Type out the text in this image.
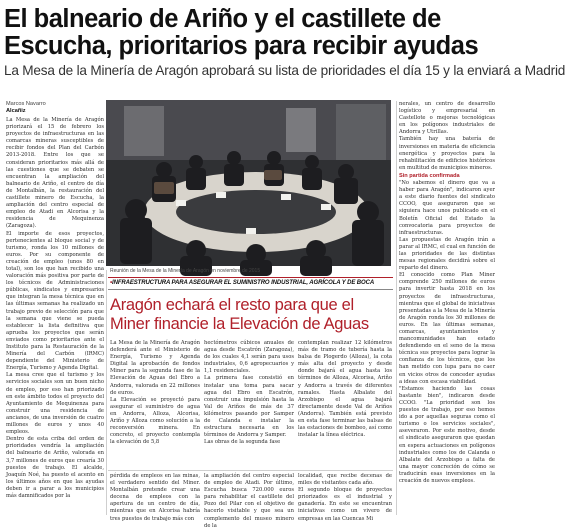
El balneario de Ariño y el castillete de
Escucha, prioritarios para recibir ayudas
La Mesa de la Minería de Aragón aprobará su lista de prioridades el día 15 y la enviará a Madrid
Marcos Navarro
Alcañiz

La Mesa de la Minería de Aragón priorizará el 15 de febrero los proyectos de infraestructuras en las comarcas mineras susceptibles de recibir fondos del Plan del Carbón 2013-2018. Entre los que se consideran prioritarios más allá de las cuestiones que se debaten se encuentran la ampliación del balneario de Ariño, el centro de día de Montalbán, la restauración del castillete minero de Escucha, la ampliación del centro especial de empleo de Atadi en Alcorisa y la residencia de Mequinenza (Zaragoza).

El importe de esos proyectos, pertenecientes al bloque social y de turismo, ronda los 10 millones de euros. Por su componente de creación de empleo (unos 80 en total), son los que han recibido una valoración más positiva por parte de los técnicos de Administraciones públicas, sindicatos y empresarios que integran la mesa técnica que en las últimas semanas ha realizado un trabajo previo de selección para que la semana que viene se pueda establecer la lista definitiva que aprueba los proyectos que serán enviados como prioritarios ante el Instituto para la Restauración de la Minería del Carbón (IRMC) dependiente del Ministerio de Energía, Turismo y Agenda Digital.

La mesa cree que el turismo y los servicios sociales son un buen nicho de empleo, por eso han priorizado en este ámbito todos el proyecto del Ayuntamiento de Mequinenza para construir una residencia de ancianos, de una inversión de cuatro millones de euros y unos 40 empleos.

Dentro de esta criba del orden de prioridades vendría la ampliación del balneario de Ariño, valorada en 3,7 millones de euros que crearía 30 puestos de trabajo. El alcalde, Joaquín Noé, ha puesto el acento en los últimos años en que las ayudas deben ir a parar a los municipios más damnificados por la

Reunión de la Mesa de la Minería de Aragón en noviembre de 2015

nerales, un centro de desarrollo logístico y empresarial en Castellote o mejoras tecnológicas en los polígonos industriales de Andorra y Utrillas.

También hay una batería de inversiones en materia de eficiencia energética y proyectos para la rehabilitación de edificios históricos en multitud de municipios mineros.

Sin partida confirmada

"No sabemos el dinero que va a haber para Aragón", indicaron ayer a este diario fuentes del sindicato CCOO, que aseguraron que se siguiera hace unos publicado en el Boletín Oficial del Estado la convocatoria para proyectos de infraestructuras.

Las propuestas de Aragón irán a parar al IRMC, el cual en función de las prioridades de las distintas mesas regionales decidirá sobre el reparto del dinero.

El conocido como Plan Miner comprende 250 millones de euros para invertir hasta 2018 en los proyectos de infraestructuras, mientras que el global de iniciativas presentadas a la Mesa de la Minería de Aragón ronda los 30 millones de euros. En las últimas semanas, comarcas, ayuntamientos y mancomunidades han estado defendiendo en el seno de la mesa técnica sus proyectos para lograr la confianza de los técnicos, que los han metido con lupa para no caer en vicios otros de conceder ayudas a ideas con escasa viabilidad.

"Estamos haciendo las cosas bastante bien", indicaron desde CCOO. "La prioridad son los puestos de trabajo, por eso hemos ido a por aquellas seguras como el turismo o los servicios sociales", aseveraron. Por este motivo, desde el sindicato aseguraron que quedan en espera actuaciones en polígonos industriales como los de Calanda o Albalate del Arzobispo a falta de una mayor concreción de cómo se traducirán esas inversiones en la creación de nuevos empleos.

•INFRAESTRUCTURA PARA ASEGURAR EL SUMINISTRO INDUSTRIAL, AGRÍCOLA Y DE BOCA
Aragón echará el resto para que el Miner financie la Elevación de Aguas

La Mesa de la Minería de Aragón defenderá ante el Ministerio de Energía, Turismo y Agenda Digital la aprobación de fondos Miner para la segunda fase de la Elevación de Aguas del Ebro a Andorra, valorada en 22 millones de euros.

La Elevación se proyectó para asegurar el suministro de agua en Andorra, Alloza, Alcorisa, Ariño y Alloza como solución a la reconversión minera. En concreto, el proyecto contempla la elevación de 5,8

hectómetros cúbicos anuales de agua desde Escatrón (Zaragoza), de los cuales 4,1 serán para usos industriales, 0,6 agropecuarios y 1,1 residenciales.

La primera fase consistió en instalar una toma para sacar agua del Ebro en Escatrón, construir una impulsión hasta la Val de Ariños de más de 37 kilómetros pasando por Samper de Calanda e instalar la estructura necesaria en los términos de Andorra y Samper.

Las obras de la segunda fase

contemplan realizar 12 kilómetros más de tramo de tubería hasta la balsa de Plogerdo (Alloza), la cota más alta del proyecto y desde donde bajará el agua hasta los términos de Alloza, Alcorisa, Ariño y Andorra a través de diferentes ramales. Hasta Albalate del Arzobispo el agua bajará directamente desde Val de Ariños (Andorra). También está previsto en esta fase terminar las balsas de las estaciones de bombeo, así como instalar la línea eléctrica.

pérdida de empleos en las minas, el verdadero sentido del Miner. Montalbán pretende crear una decena de empleos con la apertura de un centro de día, mientras que en Alcorisa habría tres puestos de trabajo más con

la ampliación del centro especial de empleo de Atadi. Por último, Escucha busca 720.000 euros para rehabilitar el castillete del Pozo del Pilar con el objetivo de hacerlo visitable y que sea un complemento del museo minero de la

localidad, que recibe decenas de miles de visitantes cada año.

El segundo bloque de proyectos priorizados es el industrial y ganadería. En este se encuentran iniciativas como un vivero de empresas en las Cuencas Mi
